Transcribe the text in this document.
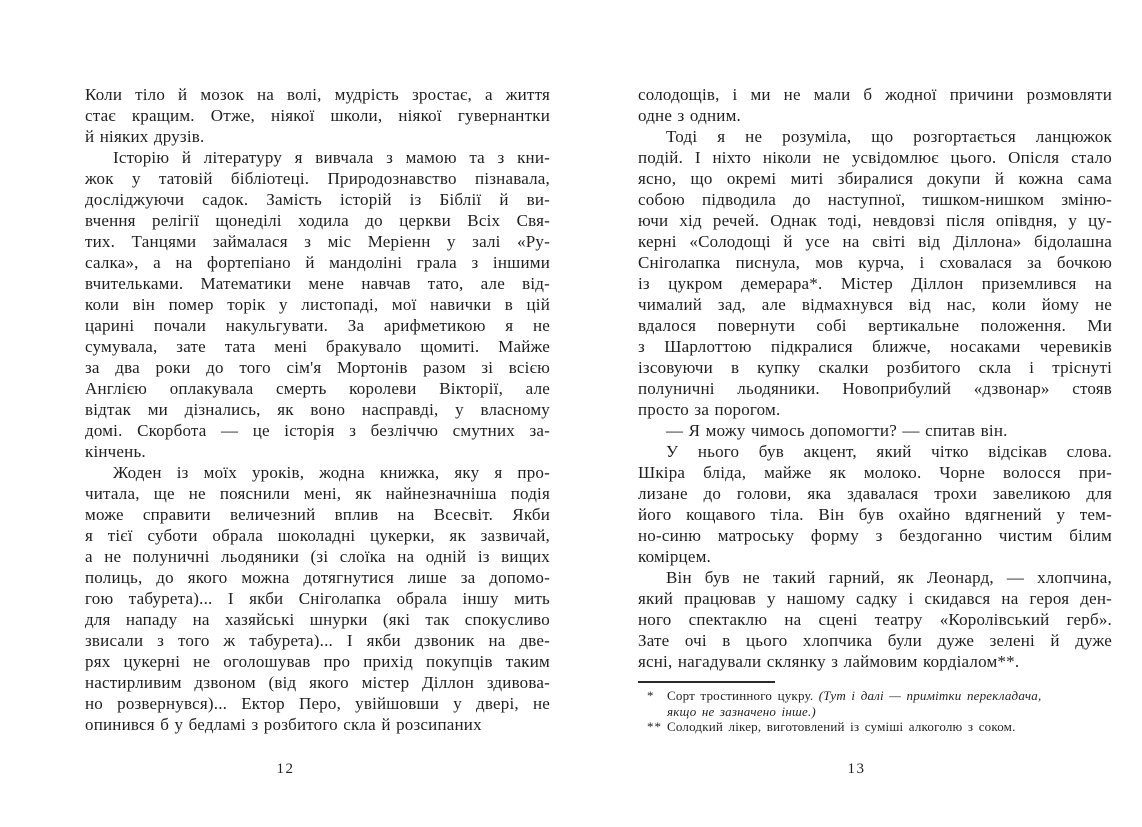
Коли тіло й мозок на волі, мудрість зростає, а життя
стає кращим. Отже, ніякої школи, ніякої гувернантки
й ніяких друзів.
Історію й літературу я вивчала з мамою та з кни-
жок у татовій бібліотеці. Природознавство пізнавала,
досліджуючи садок. Замість історій із Біблії й ви-
вчення релігії щонеділі ходила до церкви Всіх Свя-
тих. Танцями займалася з міс Меріенн у залі «Ру-
салка», а на фортепіано й мандоліні грала з іншими
вчительками. Математики мене навчав тато, але від-
коли він помер торік у листопаді, мої навички в цій
царині почали накульгувати. За арифметикою я не
сумувала, зате тата мені бракувало щомиті. Майже
за два роки до того сім'я Мортонів разом зі всією
Англією оплакувала смерть королеви Вікторії, але
відтак ми дізнались, як воно насправді, у власному
домі. Скорбота — це історія з безліччю смутних за-
кінчень.
Жоден із моїх уроків, жодна книжка, яку я про-
читала, ще не пояснили мені, як найнезначніша подія
може справити величезний вплив на Всесвіт. Якби
я тієї суботи обрала шоколадні цукерки, як зазвичай,
а не полуничні льодяники (зі слоїка на одній із вищих
полиць, до якого можна дотягнутися лише за допомо-
гою табурета)... І якби Сніголапка обрала іншу мить
для нападу на хазяйські шнурки (які так спокусливо
звисали з того ж табурета)... І якби дзвоник на две-
рях цукерні не оголошував про прихід покупців таким
настирливим дзвоном (від якого містер Діллон здивова-
но розвернувся)... Ектор Перо, увійшовши у двері, не
опинився б у бедламі з розбитого скла й розсипаних
солодощів, і ми не мали б жодної причини розмовляти
одне з одним.
Тоді я не розуміла, що розгортається ланцюжок
подій. І ніхто ніколи не усвідомлює цього. Опісля стало
ясно, що окремі миті збиралися докупи й кожна сама
собою підводила до наступної, тишком-нишком зміню-
ючи хід речей. Однак тоді, невдовзі після опівдня, у цу-
керні «Солодощі й усе на світі від Діллона» бідолашна
Сніголапка писнула, мов курча, і сховалася за бочкою
із цукром демерара*. Містер Діллон приземлився на
чималий зад, але відмахнувся від нас, коли йому не
вдалося повернути собі вертикальне положення. Ми
з Шарлоттою підкралися ближче, носаками черевиків
ізсовуючи в купку скалки розбитого скла і тріснуті
полуничні льодяники. Новоприбулий «дзвонар» стояв
просто за порогом.
— Я можу чимось допомогти? — спитав він.
У нього був акцент, який чітко відсікав слова.
Шкіра бліда, майже як молоко. Чорне волосся при-
лизане до голови, яка здавалася трохи завеликою для
його кощавого тіла. Він був охайно вдягнений у тем-
но-синю матроську форму з бездоганно чистим білим
комірцем.
Він був не такий гарний, як Леонард, — хлопчина,
який працював у нашому садку і скидався на героя ден-
ного спектаклю на сцені театру «Королівський герб».
Зате очі в цього хлопчика були дуже зелені й дуже
ясні, нагадували склянку з лаймовим кордіалом**.
* Сорт тростинного цукру. (Тут і далі — примітки перекладача,
якщо не зазначено інше.)
** Солодкий лікер, виготовлений із суміші алкоголю з соком.
12	13
